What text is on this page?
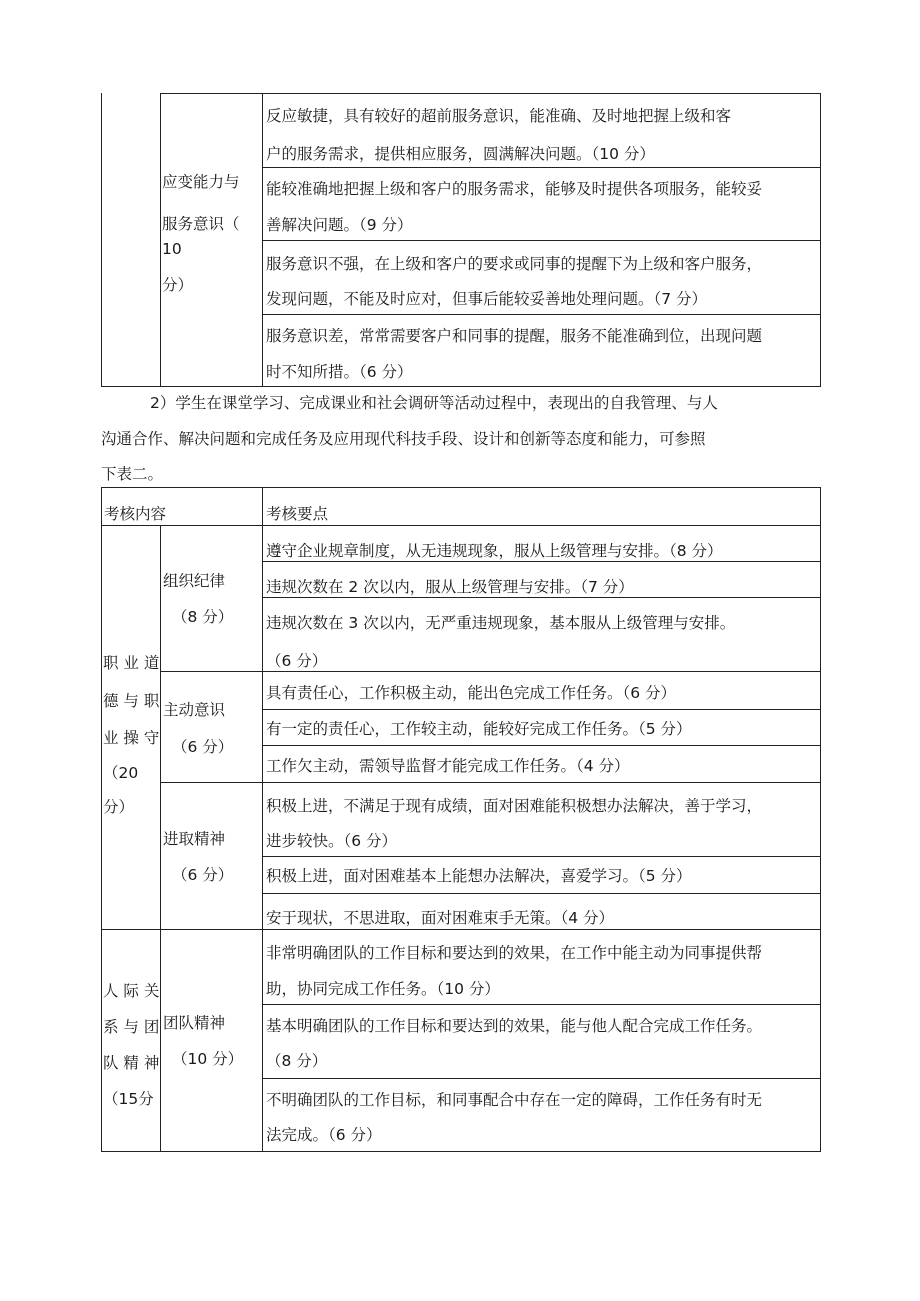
应变能力与
服务意识（
10
分）
反应敏捷，具有较好的超前服务意识，能准确、及时地把握上级和客
户的服务需求，提供相应服务，圆满解决问题。（10 分）
能较准确地把握上级和客户的服务需求，能够及时提供各项服务，能较妥
善解决问题。（9 分）
服务意识不强，在上级和客户的要求或同事的提醒下为上级和客户服务，
发现问题，不能及时应对，但事后能较妥善地处理问题。（7 分）
服务意识差，常常需要客户和同事的提醒，服务不能准确到位，出现问题
时不知所措。（6 分）
2）学生在课堂学习、完成课业和社会调研等活动过程中，表现出的自我管理、与人
沟通合作、解决问题和完成任务及应用现代科技手段、设计和创新等态度和能力，可参照
下表二。
考核内容	考核要点
职 业 道
德 与 职
业 操 守
（20
分）
组织纪律
（8 分）
遵守企业规章制度，从无违规现象，服从上级管理与安排。（8 分）
违规次数在 2 次以内，服从上级管理与安排。（7 分）
违规次数在 3 次以内，无严重违规现象，基本服从上级管理与安排。
（6 分）
主动意识
（6 分）
具有责任心，工作积极主动，能出色完成工作任务。（6 分）
有一定的责任心，工作较主动，能较好完成工作任务。（5 分）
工作欠主动，需领导监督才能完成工作任务。（4 分）
进取精神
（6 分）
积极上进，不满足于现有成绩，面对困难能积极想办法解决，善于学习，
进步较快。（6 分）
积极上进，面对困难基本上能想办法解决，喜爱学习。（5 分）
安于现状，不思进取，面对困难束手无策。（4 分）
人 际 关
系 与 团
队 精 神
（15分
团队精神
（10 分）
非常明确团队的工作目标和要达到的效果，在工作中能主动为同事提供帮
助，协同完成工作任务。（10 分）
基本明确团队的工作目标和要达到的效果，能与他人配合完成工作任务。
（8 分）
不明确团队的工作目标，和同事配合中存在一定的障碍，工作任务有时无
法完成。（6 分）
